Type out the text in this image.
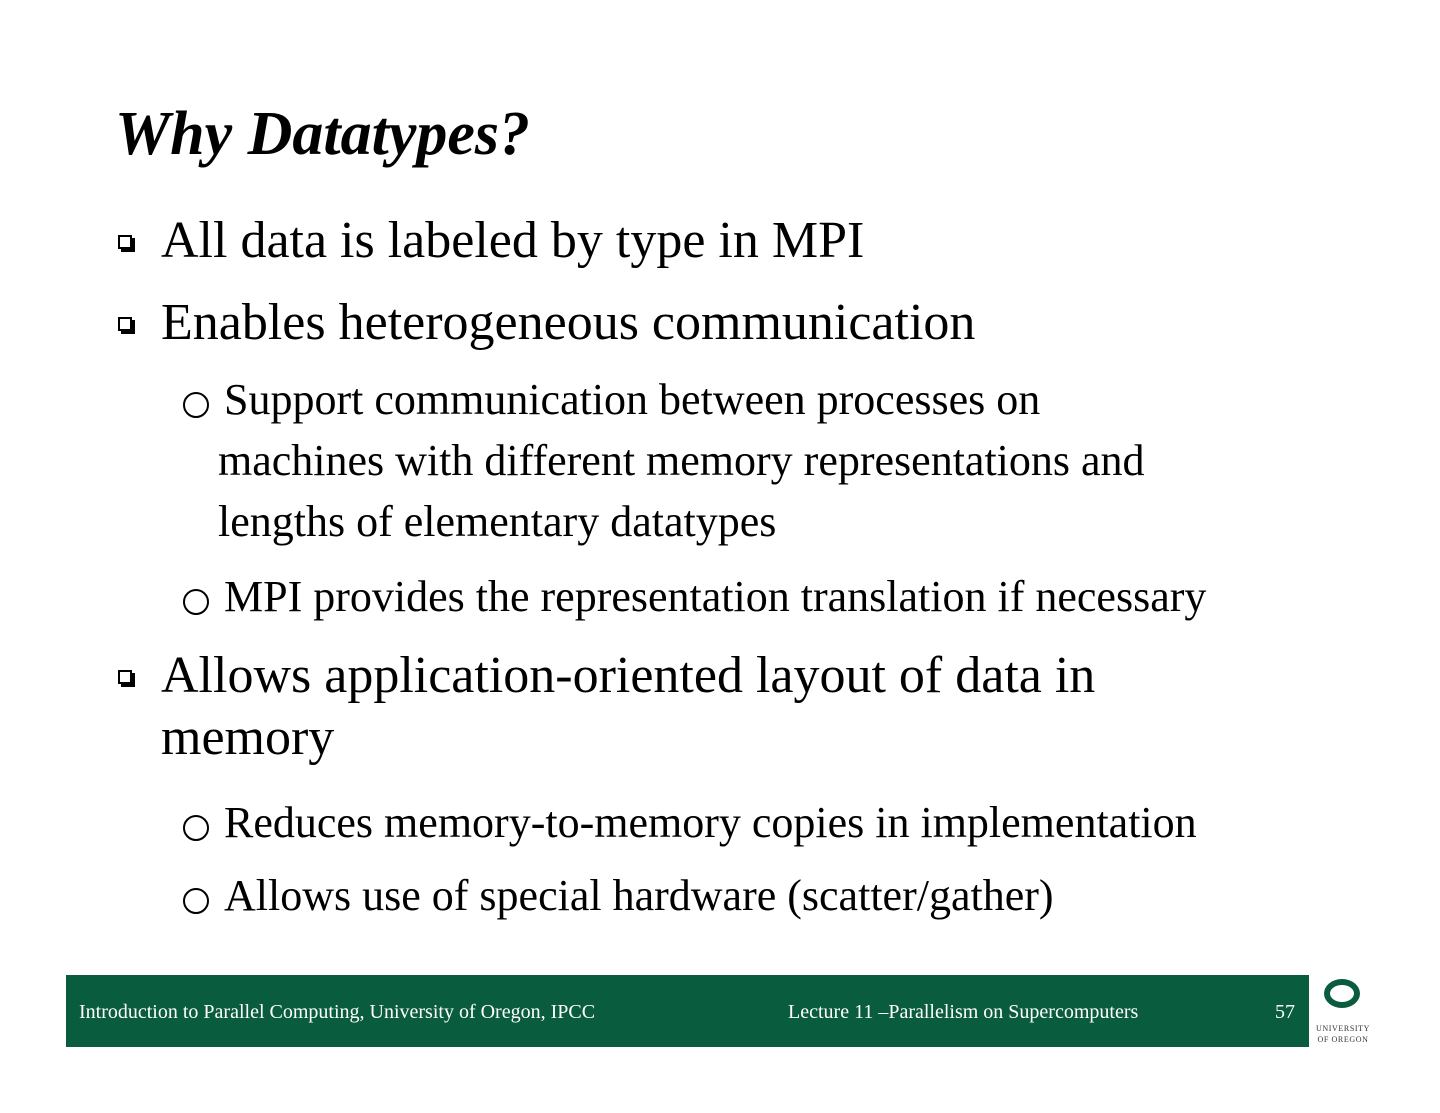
Why Datatypes?
All data is labeled by type in MPI
Enables heterogeneous communication
Support communication between processes on
machines with different memory representations and
lengths of elementary datatypes
MPI provides the representation translation if necessary
Allows application-oriented layout of data in
memory
Reduces memory-to-memory copies in implementation
Allows use of special hardware (scatter/gather)
Introduction to Parallel Computing, University of Oregon, IPCC	Lecture 11 –Parallelism on Supercomputers	57
UNIVERSITY
OF OREGON
